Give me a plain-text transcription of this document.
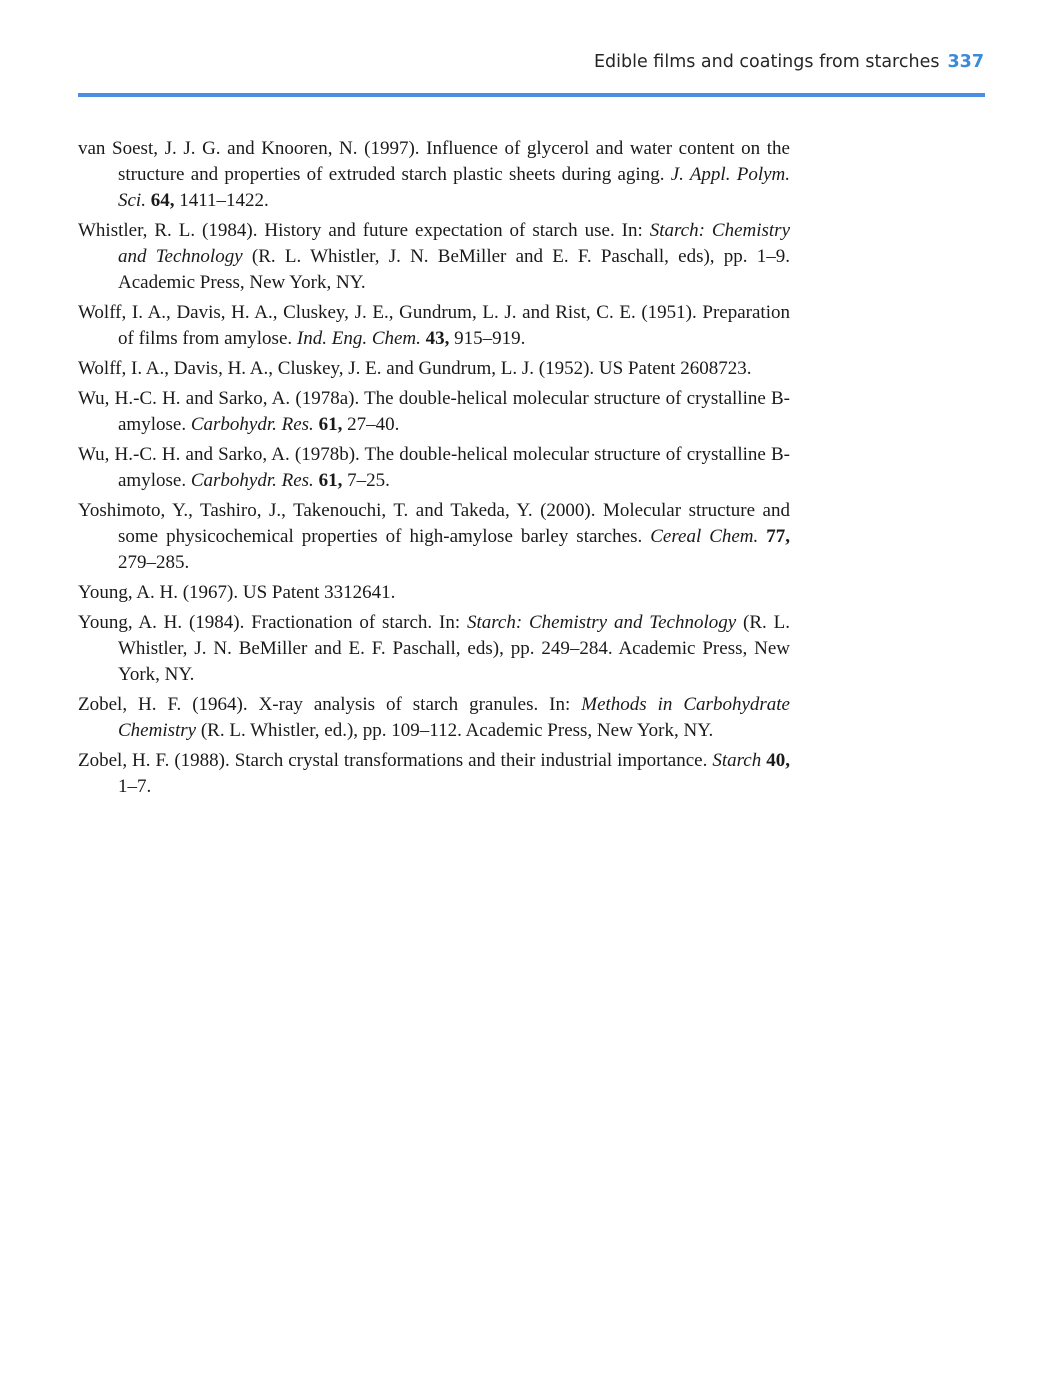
Edible films and coatings from starches 337

van Soest, J. J. G. and Knooren, N. (1997). Influence of glycerol and water content on the structure and properties of extruded starch plastic sheets during aging. J. Appl. Polym. Sci. 64, 1411–1422.

Whistler, R. L. (1984). History and future expectation of starch use. In: Starch: Chemistry and Technology (R. L. Whistler, J. N. BeMiller and E. F. Paschall, eds), pp. 1–9. Academic Press, New York, NY.

Wolff, I. A., Davis, H. A., Cluskey, J. E., Gundrum, L. J. and Rist, C. E. (1951). Preparation of films from amylose. Ind. Eng. Chem. 43, 915–919.

Wolff, I. A., Davis, H. A., Cluskey, J. E. and Gundrum, L. J. (1952). US Patent 2608723.

Wu, H.-C. H. and Sarko, A. (1978a). The double-helical molecular structure of crystalline B-amylose. Carbohydr. Res. 61, 27–40.

Wu, H.-C. H. and Sarko, A. (1978b). The double-helical molecular structure of crystalline B-amylose. Carbohydr. Res. 61, 7–25.

Yoshimoto, Y., Tashiro, J., Takenouchi, T. and Takeda, Y. (2000). Molecular structure and some physicochemical properties of high-amylose barley starches. Cereal Chem. 77, 279–285.

Young, A. H. (1967). US Patent 3312641.

Young, A. H. (1984). Fractionation of starch. In: Starch: Chemistry and Technology (R. L. Whistler, J. N. BeMiller and E. F. Paschall, eds), pp. 249–284. Academic Press, New York, NY.

Zobel, H. F. (1964). X-ray analysis of starch granules. In: Methods in Carbohydrate Chemistry (R. L. Whistler, ed.), pp. 109–112. Academic Press, New York, NY.

Zobel, H. F. (1988). Starch crystal transformations and their industrial importance. Starch 40, 1–7.
